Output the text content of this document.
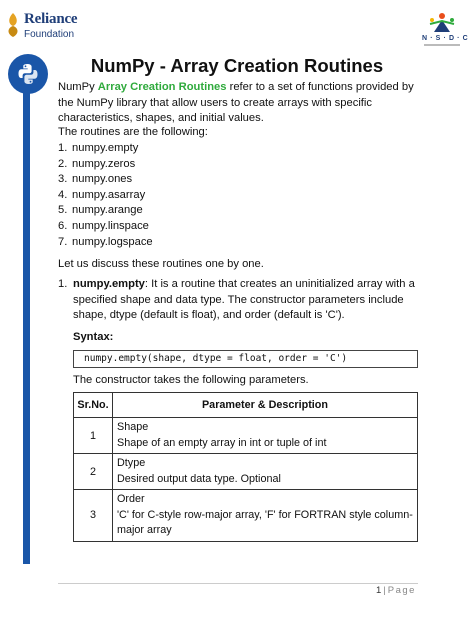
Reliance
Foundation	N · S · D · C
NumPy - Array Creation Routines

NumPy Array Creation Routines refer to a set of functions provided by the NumPy library that allow users to create arrays with specific characteristics, shapes, and initial values.

The routines are the following:

1. numpy.empty
2. numpy.zeros
3. numpy.ones
4. numpy.asarray
5. numpy.arange
6. numpy.linspace
7. numpy.logspace

Let us discuss these routines one by one.

1. numpy.empty: It is a routine that creates an uninitialized array with a specified shape and data type. The constructor parameters include shape, dtype (default is float), and order (default is 'C').

Syntax:
numpy.empty(shape, dtype = float, order = 'C')
The constructor takes the following parameters.
Sr.No.	Parameter & Description
1	Shape
Shape of an empty array in int or tuple of int

2	Dtype
Desired output data type. Optional

3	Order
'C' for C-style row-major array, 'F' for FORTRAN style column-major array
1 | Page
